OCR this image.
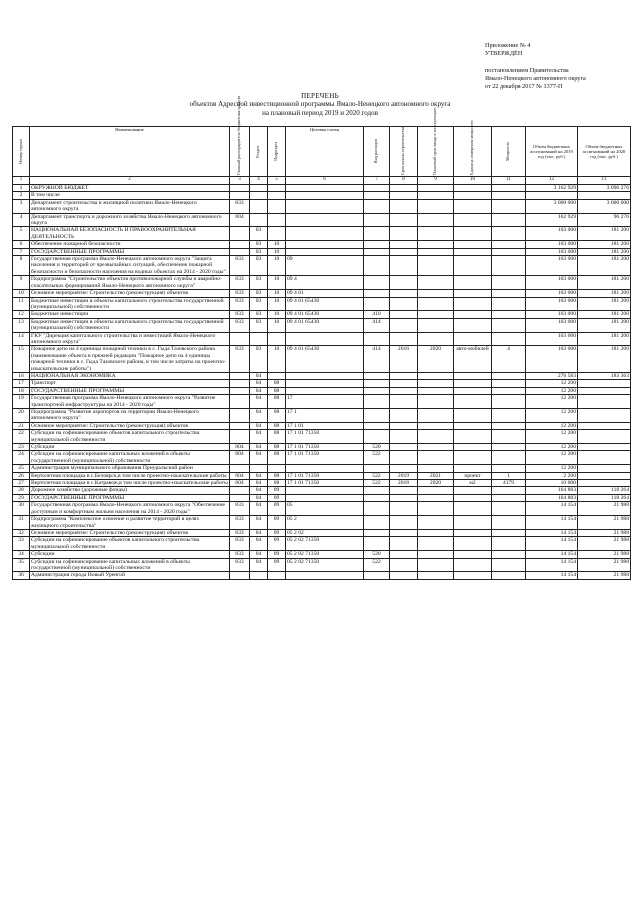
Приложение № 4
УТВЕРЖДЁН

постановлением Правительства
Ямало-Ненецкого автономного округа
от 22 декабря 2017 № 1377-П
ПЕРЕЧЕНЬ
объектов Адресной инвестиционной программы Ямало-Ненецкого автономного округа
на плановый период 2019 и 2020 годов
Номер строки	Наименование	Главный распорядитель бюджетных средств	Раздел	Подраздел	Целевая статья	Вид расходов	Срок начала строительства	Плановый срок ввода в эксплуатацию	Единица измерения мощности	Мощность	Объем бюджетных ассигнований на 2019 год (тыс. руб.)	Объем бюджетных ассигнований на 2020 год (тыс. руб.)

1	2	3	4	5	6	7	8	9	10	11	12	13
1	ОКРУЖНОЙ БЮДЖЕТ										3 162 929	3 096 276
2	В том числе											
3	Департамент строительства и жилищной политики Ямало-Ненецкого автономного округа	833									3 000 000	3 000 000
4	Департамент транспорта и дорожного хозяйства Ямало-Ненецкого автономного округа	804									162 929	96 276
5	НАЦИОНАЛЬНАЯ БЕЗОПАСНОСТЬ И ПРАВООХРАНИТЕЛЬНАЯ ДЕЯТЕЛЬНОСТЬ		03								103 000	181 200
6	Обеспечение пожарной безопасности		03	10							103 000	181 200
7	ГОСУДАРСТВЕННЫЕ ПРОГРАММЫ		03	10							103 000	181 200
8	Государственная программа Ямало-Ненецкого автономного округа "Защита населения и территорий от чрезвычайных ситуаций, обеспечение пожарной безопасности и безопасности населения на водных объектах на 2014 - 2020 годы"	833	03	10	09						103 000	181 200
9	Подпрограмма "Строительство объектов противопожарной службы и аварийно-спасательных формирований Ямало-Ненецкого автономного округа"	833	03	10	09 4						103 000	181 200
10	Основное мероприятие: Строительство (реконструкция) объектов	833	03	10	09 4 01						103 000	181 200
11	Бюджетные инвестиции в объекты капитального строительства государственной (муниципальной) собственности	833	03	10	09 4 01 65430						103 000	181 200
12	Бюджетные инвестиции	833	03	10	09 4 01 65430	410					103 000	181 200
13	Бюджетные инвестиции в объекты капитального строительства государственной (муниципальной) собственности	833	03	10	09 4 01 65430	414					103 000	181 200
14	ГКУ "Дирекция капитального строительства и инвестиций Ямало-Ненецкого автономного округа"										103 000	181 200
15	Пожарное депо на 4 единицы пожарной техники в с. Гыда Тазовского района (наименование объекта в прежней редакции "Пожарное депо на 4 единицы пожарной техники в с. Гыда Тазовского района, в том числе затраты на проектно-изыскательские работы")	833	03	10	09 4 01 65430	414	2016	2020	авто-мобилей	4	103 000	181 200
16	НАЦИОНАЛЬНАЯ ЭКОНОМИКА		04								276 583	183 363
17	Транспорт		04	08							12 200	
18	ГОСУДАРСТВЕННЫЕ ПРОГРАММЫ		04	08							12 200	
19	Государственная программа Ямало-Ненецкого автономного округа "Развитие транспортной инфраструктуры на 2014 - 2020 годы"		04	08	17						12 200	
20	Подпрограмма "Развитие аэропортов на территории Ямало-Ненецкого автономного округа"		04	08	17 1						12 200	
21	Основное мероприятие: Строительство (реконструкция) объектов		04	08	17 1 01						12 200	
22	Субсидии на софинансирование объектов капитального строительства муниципальной собственности		04	08	17 1 01 71350						12 200	
23	Субсидии	804	04	08	17 1 01 71350	520					12 200	
24	Субсидии на софинансирование капитальных вложений в объекты государственной (муниципальной) собственности	804	04	08	17 1 01 71350	522					12 200	
25	Администрация муниципального образования Приуральский район										12 200	
26	Вертолетная площадка в с.Белоярск,в том числе проектно-изыскательские работы	804	04	08	17 1 01 71350	522	2019	2021	проект	1	2 200	
27	Вертолетная площадка в с.Катравож,в том числе проектно-изыскательские работы	804	04	08	17 1 01 71350	522	2018	2020	м2	4179	10 000	
28	Дорожное хозяйство (дорожные фонды)		04	09							164 883	118 264
29	ГОСУДАРСТВЕННЫЕ ПРОГРАММЫ		04	09							164 883	118 264
30	Государственная программа Ямало-Ненецкого автономного округа "Обеспечение доступным и комфортным жильем населения на 2014 - 2020 годы"	833	04	09	05						14 154	21 988
31	Подпрограмма "Комплексное освоение и развитие территорий в целях жилищного строительства"	833	04	09	05 2						14 154	21 988
32	Основное мероприятие: Строительство (реконструкция) объектов	833	04	09	05 2 02						14 154	21 988
33	Субсидии на софинансирование объектов капитального строительства муниципальной собственности	833	04	09	05 2 02 71350						14 154	21 988
34	Субсидии	833	04	09	05 2 02 71350	520					14 154	21 988
35	Субсидии на софинансирование капитальных вложений в объекты государственной (муниципальной) собственности	833	04	09	05 2 02 71350	522					14 154	21 988
36	Администрация города Новый Уренгой										14 154	21 988
